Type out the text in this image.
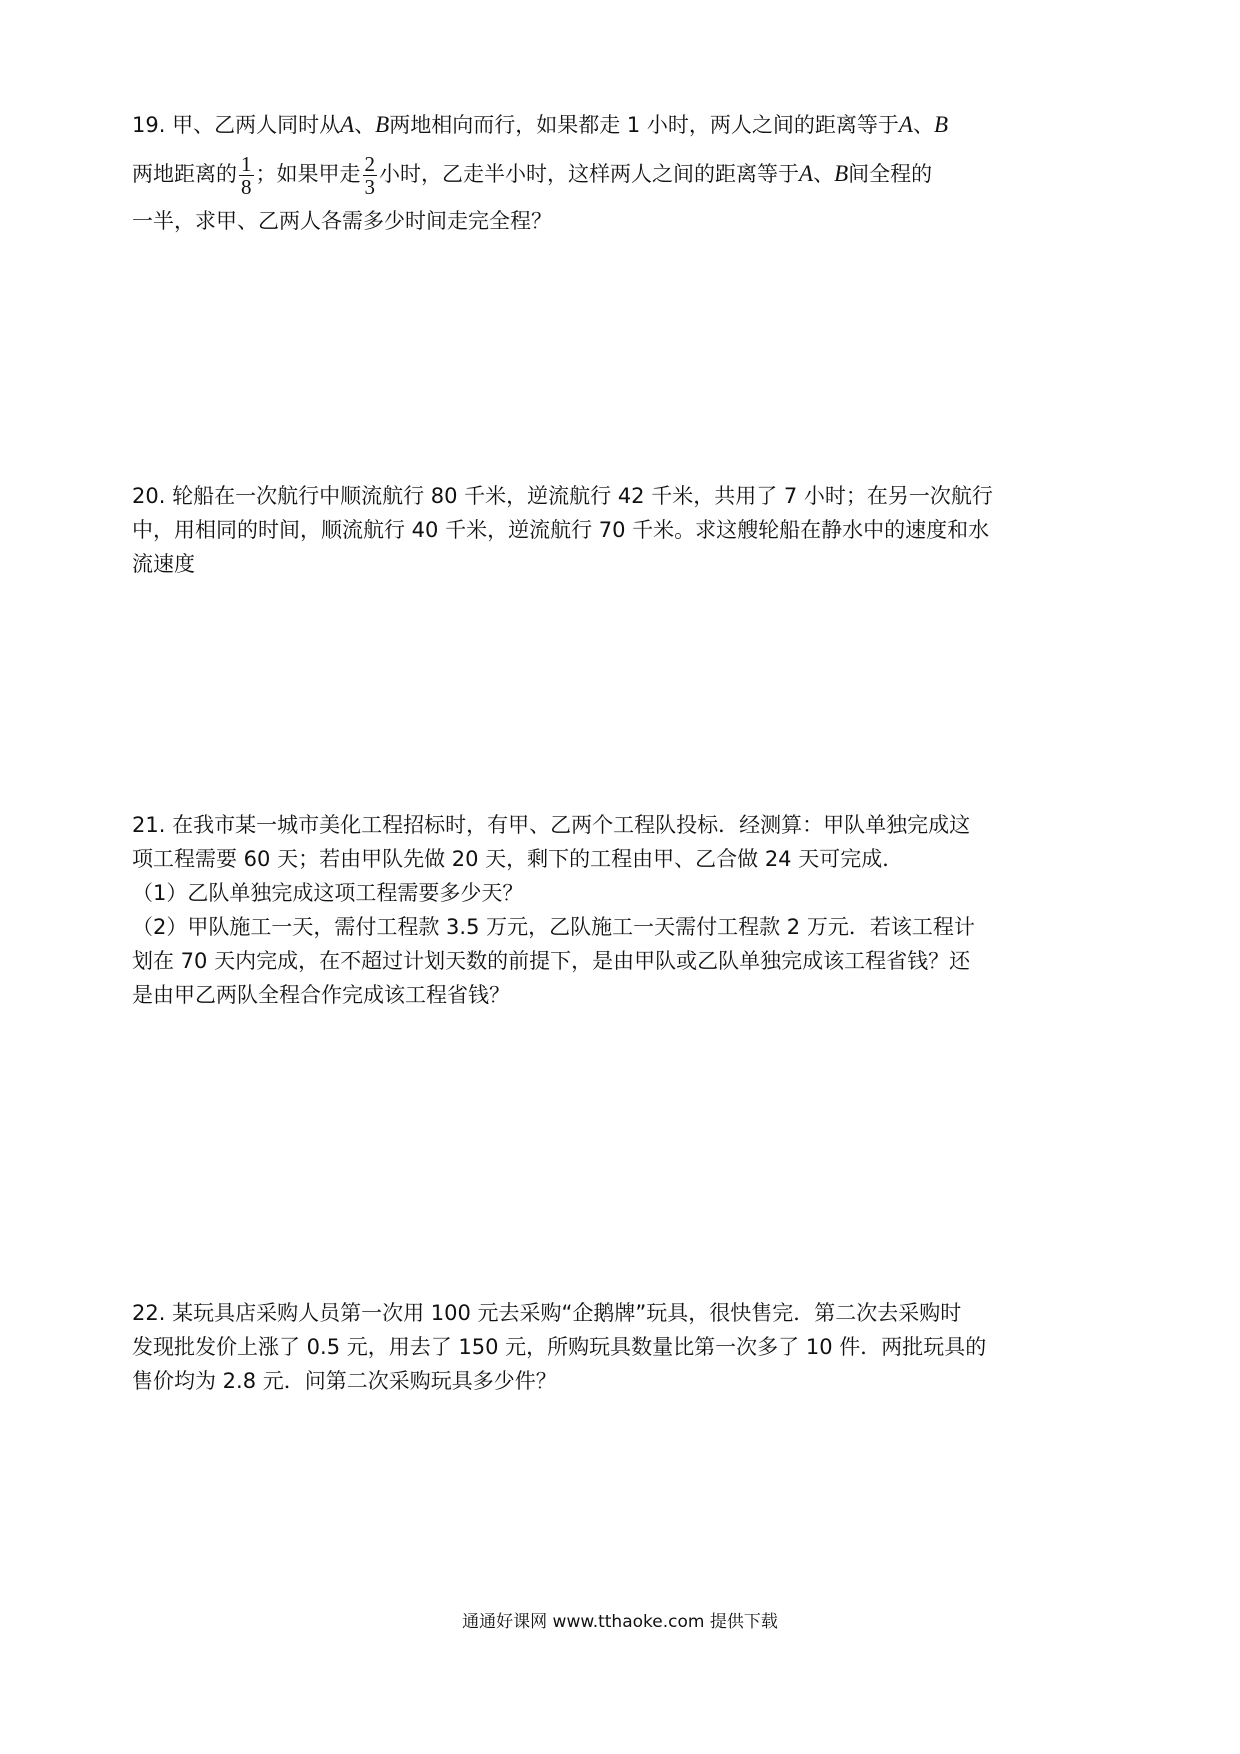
19. 甲、乙两人同时从A、B两地相向而行，如果都走 1 小时，两人之间的距离等于A、B
两地距离的 $\frac{1}{8}$ ；如果甲走 $\frac{2}{3}$ 小时，乙走半小时，这样两人之间的距离等于A、B间全程的
一半，求甲、乙两人各需多少时间走完全程？
20. 轮船在一次航行中顺流航行 80 千米，逆流航行 42 千米，共用了 7 小时；在另一次航行
中，用相同的时间，顺流航行 40 千米，逆流航行 70 千米。求这艘轮船在静水中的速度和水
流速度
21. 在我市某一城市美化工程招标时，有甲、乙两个工程队投标．经测算：甲队单独完成这
项工程需要 60 天；若由甲队先做 20 天，剩下的工程由甲、乙合做 24 天可完成．
（1）乙队单独完成这项工程需要多少天？
（2）甲队施工一天，需付工程款 3.5 万元，乙队施工一天需付工程款 2 万元．若该工程计
划在 70 天内完成，在不超过计划天数的前提下，是由甲队或乙队单独完成该工程省钱？还
是由甲乙两队全程合作完成该工程省钱？
22. 某玩具店采购人员第一次用 100 元去采购“企鹅牌”玩具，很快售完．第二次去采购时
发现批发价上涨了 0.5 元，用去了 150 元，所购玩具数量比第一次多了 10 件．两批玩具的
售价均为 2.8 元．问第二次采购玩具多少件？
通通好课网 www.tthaoke.com 提供下载
